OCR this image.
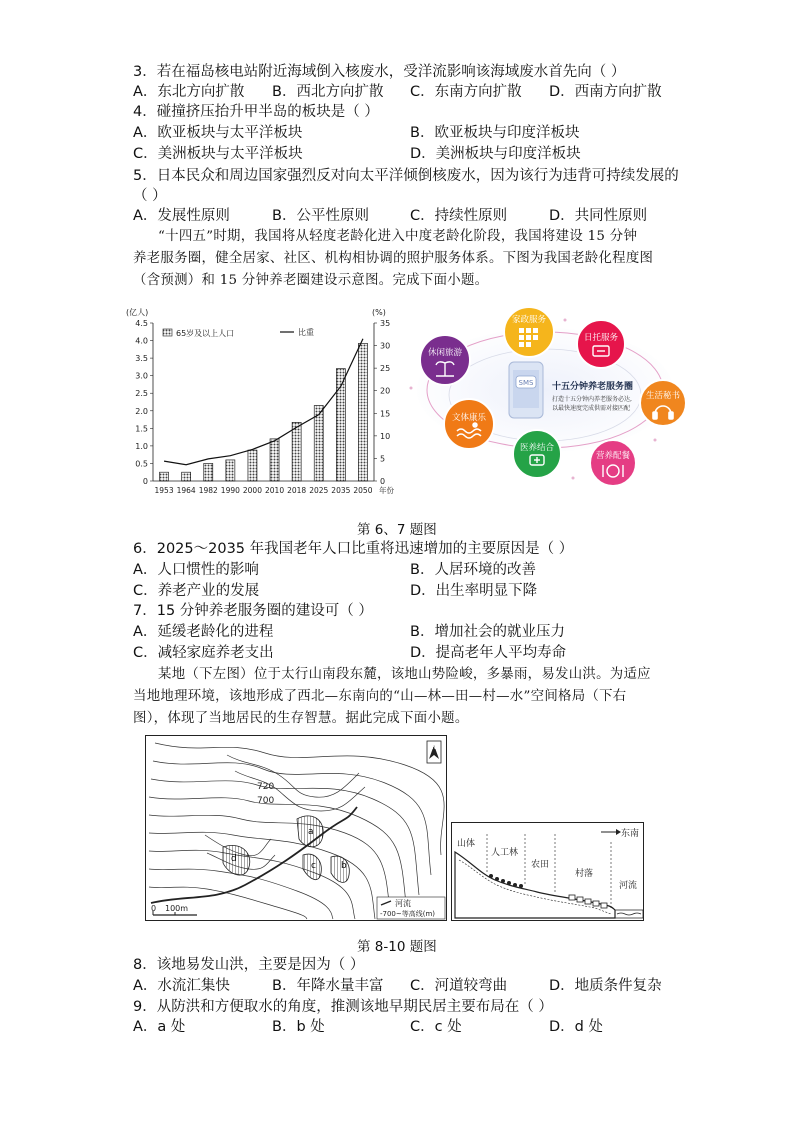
3．若在福岛核电站附近海域倒入核废水，受洋流影响该海域废水首先向（ ）
A．东北方向扩散 B．西北方向扩散 C．东南方向扩散 D．西南方向扩散
4．碰撞挤压抬升甲半岛的板块是（ ）
A．欧亚板块与太平洋板块	B．欧亚板块与印度洋板块
C．美洲板块与太平洋板块	D．美洲板块与印度洋板块
5．日本民众和周边国家强烈反对向太平洋倾倒核废水，因为该行为违背可持续发展的
（ ）
A．发展性原则	B．公平性原则	C．持续性原则	D．共同性原则
“十四五”时期，我国将从轻度老龄化进入中度老龄化阶段，我国将建设 15 分钟
养老服务圈，健全居家、社区、机构相协调的照护服务体系。下图为我国老龄化程度图
（含预测）和 15 分钟养老圈建设示意图。完成下面小题。
0
0.5
1.0
1.5
2.0
2.5
3.0
3.5
4.0
4.5
0
5
10
15
20
25
30
35
(亿人)	(%)
1953 1964 1982 1990 2000 2010 2018 2025 2035 2050 年份
65岁及以上人口	比重
SMS 十五分钟养老服务圈
打造十五分钟内养老服务必达,
以最快速度完成供需对接匹配
家政服务
日托服务
生活秘书
营养配餐
医养结合
文体康乐
休闲旅游
第 6、7 题图
6．2025～2035 年我国老年人口比重将迅速增加的主要原因是（ ）
A．人口惯性的影响	B．人居环境的改善
C．养老产业的发展	D．出生率明显下降
7．15 分钟养老服务圈的建设可（ ）
A．延缓老龄化的进程	B．增加社会的就业压力
C．减轻家庭养老支出	D．提高老年人平均寿命
某地（下左图）位于太行山南段东麓，该地山势险峻，多暴雨，易发山洪。为适应
当地地理环境，该地形成了西北—东南向的“山—林—田—村—水”空间格局（下右
图），体现了当地居民的生存智慧。据此完成下面小题。
720
700
a
b
c
d
N
0 100m
河流
-700~等高线(m)
东南
山体
人工林
农田
村落
河流
第 8-10 题图
8．该地易发山洪，主要是因为（ ）
A．水流汇集快	B．年降水量丰富 C．河道较弯曲	D．地质条件复杂
9．从防洪和方便取水的角度，推测该地早期民居主要布局在（ ）
A．a 处	B．b 处	C．c 处	D．d 处
